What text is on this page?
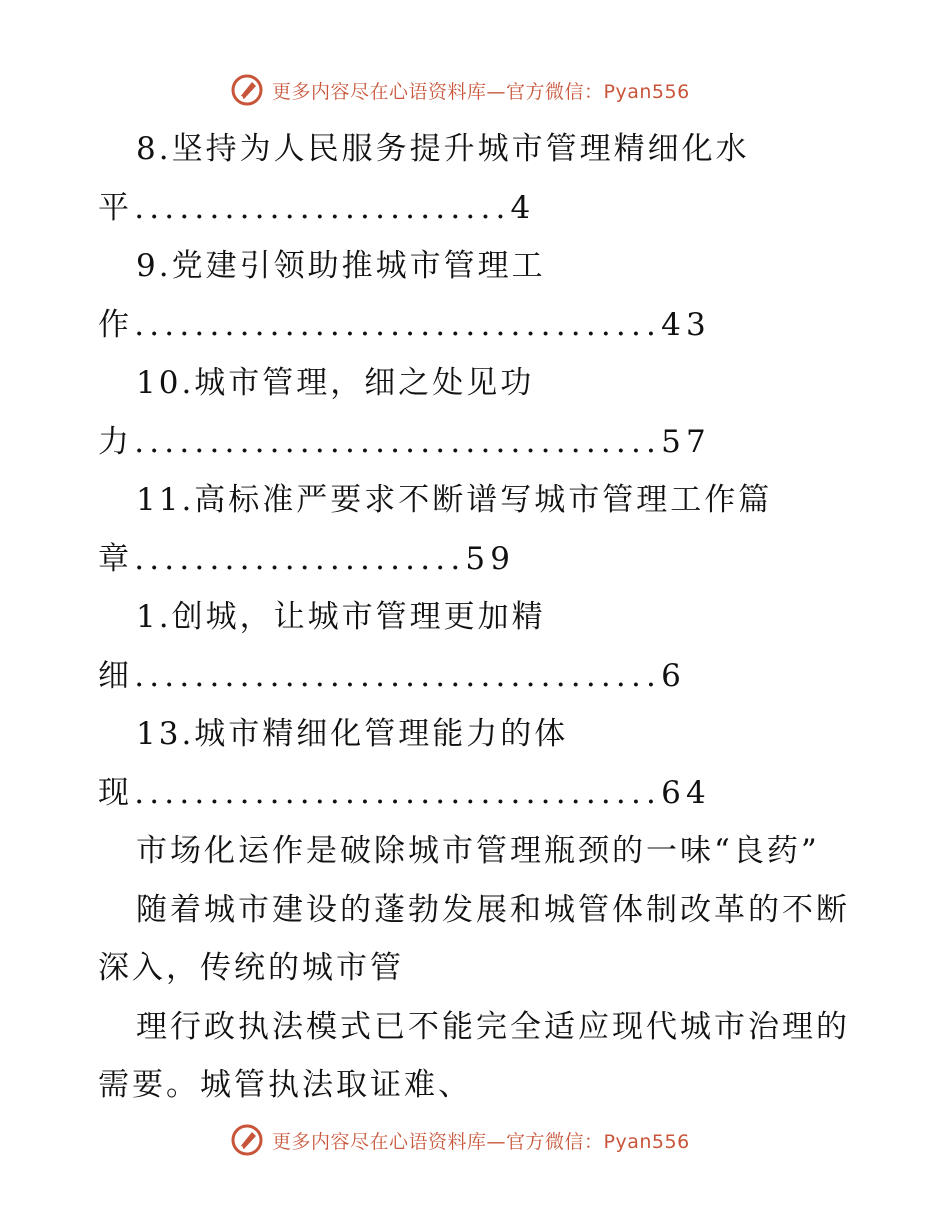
更多内容尽在心语资料库—官方微信：Pyan556
8.坚持为人民服务提升城市管理精细化水
平.........................4
9.党建引领助推城市管理工
作...................................43
10.城市管理，细之处见功
力...................................57
11.高标准严要求不断谱写城市管理工作篇
章......................59
1.创城，让城市管理更加精
细...................................6
13.城市精细化管理能力的体
现...................................64
市场化运作是破除城市管理瓶颈的一味“良药”
随着城市建设的蓬勃发展和城管体制改革的不断
深入，传统的城市管
理行政执法模式已不能完全适应现代城市治理的
需要。城管执法取证难、
更多内容尽在心语资料库—官方微信：Pyan556
